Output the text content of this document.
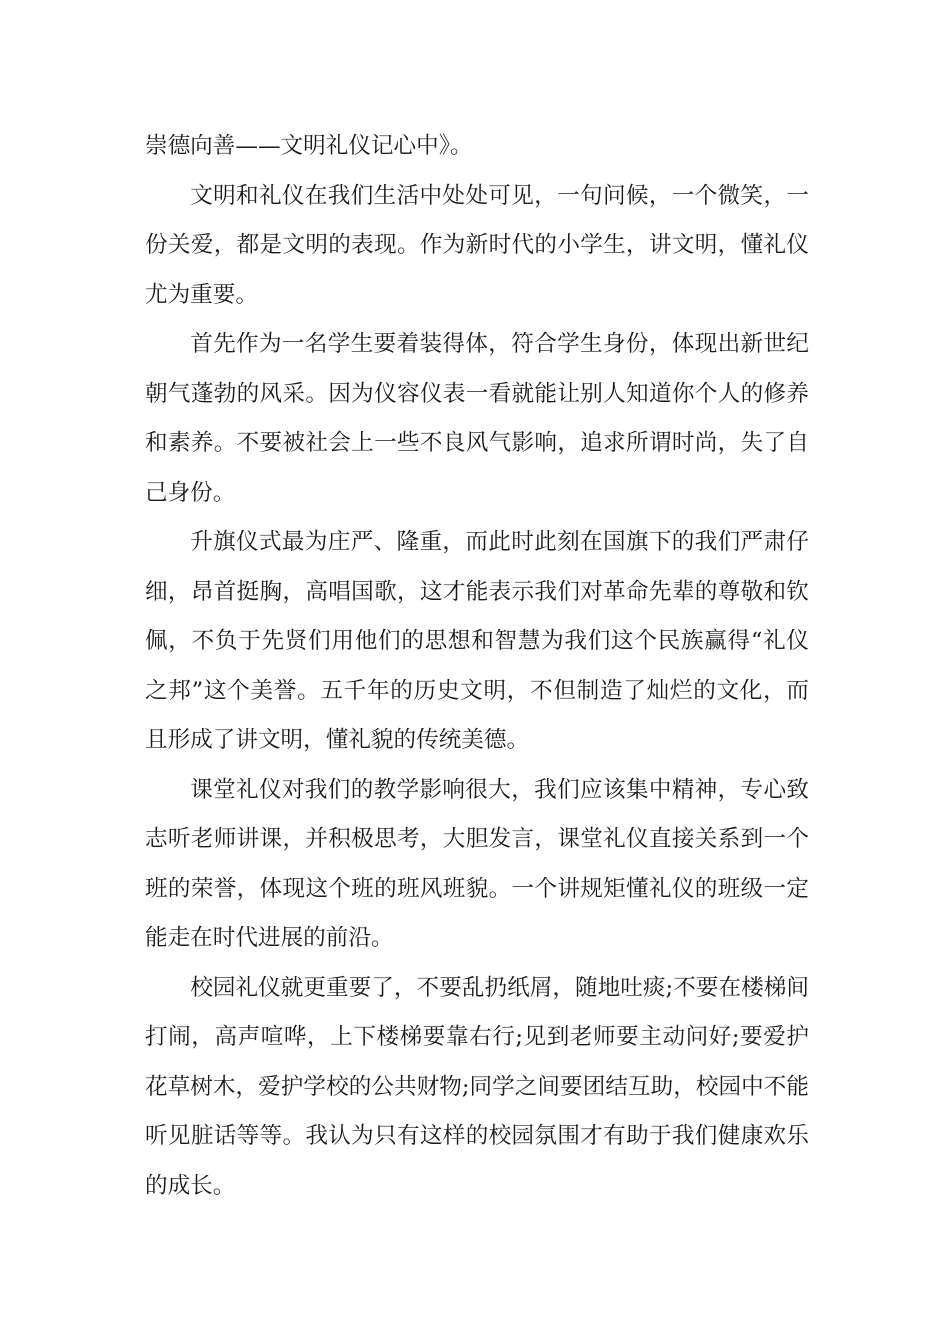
崇德向善——文明礼仪记心中》。

文明和礼仪在我们生活中处处可见，一句问候，一个微笑，一份关爱，都是文明的表现。作为新时代的小学生，讲文明，懂礼仪尤为重要。

首先作为一名学生要着装得体，符合学生身份，体现出新世纪朝气蓬勃的风采。因为仪容仪表一看就能让别人知道你个人的修养和素养。不要被社会上一些不良风气影响，追求所谓时尚，失了自己身份。

升旗仪式最为庄严、隆重，而此时此刻在国旗下的我们严肃仔细，昂首挺胸，高唱国歌，这才能表示我们对革命先辈的尊敬和钦佩，不负于先贤们用他们的思想和智慧为我们这个民族赢得“礼仪之邦”这个美誉。五千年的历史文明，不但制造了灿烂的文化，而且形成了讲文明，懂礼貌的传统美德。

课堂礼仪对我们的教学影响很大，我们应该集中精神，专心致志听老师讲课，并积极思考，大胆发言，课堂礼仪直接关系到一个班的荣誉，体现这个班的班风班貌。一个讲规矩懂礼仪的班级一定能走在时代进展的前沿。

校园礼仪就更重要了，不要乱扔纸屑，随地吐痰;不要在楼梯间打闹，高声喧哗，上下楼梯要靠右行;见到老师要主动问好;要爱护花草树木，爱护学校的公共财物;同学之间要团结互助，校园中不能听见脏话等等。我认为只有这样的校园氛围才有助于我们健康欢乐的成长。
